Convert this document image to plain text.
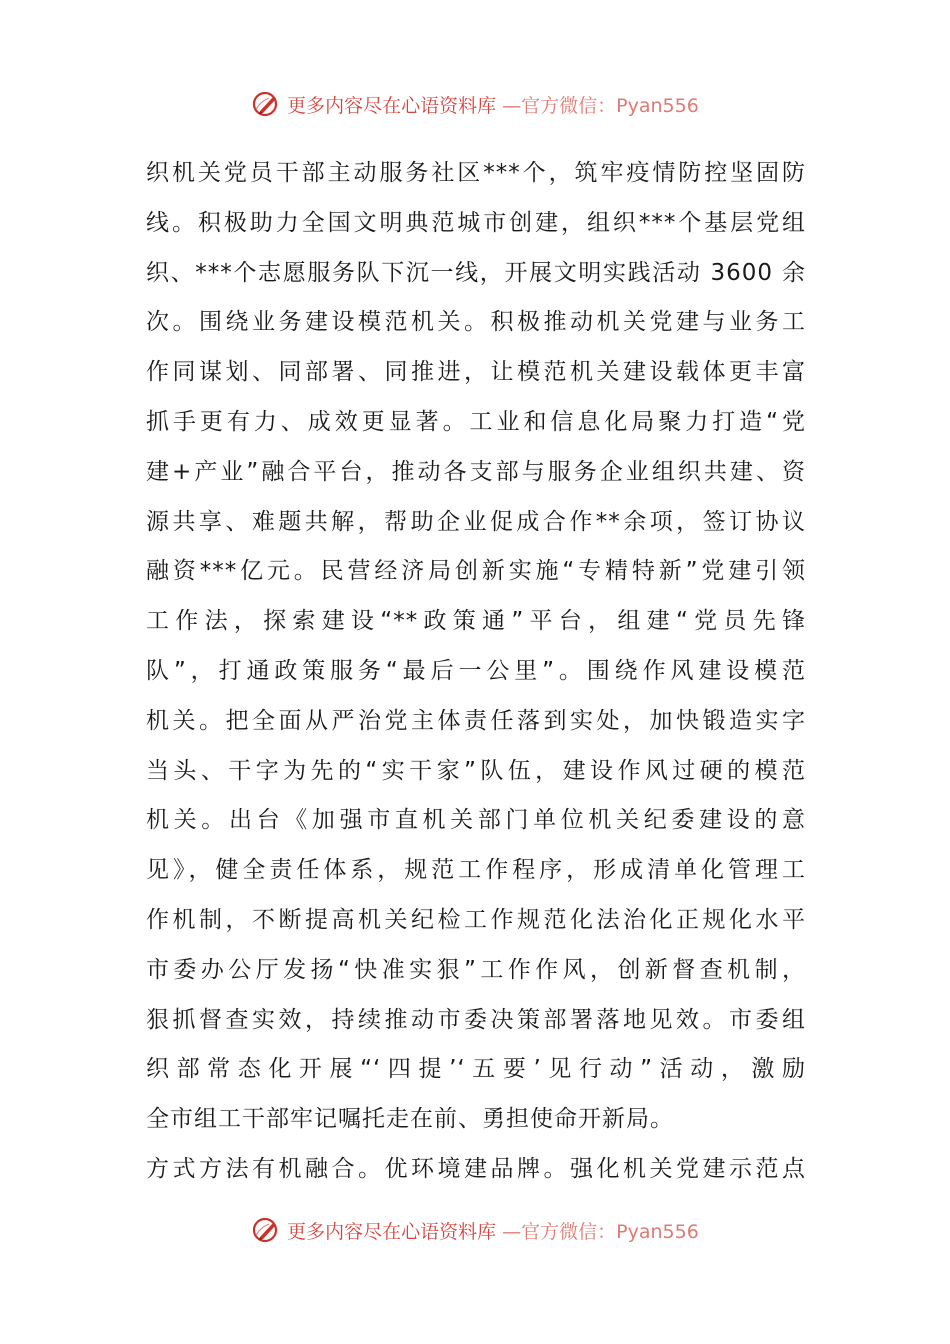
更多内容尽在心语资料库 —官方微信：Pyan556
织机关党员干部主动服务社区***个，筑牢疫情防控坚固防
线。积极助力全国文明典范城市创建，组织***个基层党组
织、***个志愿服务队下沉一线，开展文明实践活动 3600 余
次。围绕业务建设模范机关。积极推动机关党建与业务工
作同谋划、同部署、同推进，让模范机关建设载体更丰富
抓手更有力、成效更显著。工业和信息化局聚力打造“党
建+产业”融合平台，推动各支部与服务企业组织共建、资
源共享、难题共解，帮助企业促成合作**余项，签订协议
融资***亿元。民营经济局创新实施“专精特新”党建引领
工作法，探索建设“**政策通”平台，组建“党员先锋
队”，打通政策服务“最后一公里”。围绕作风建设模范
机关。把全面从严治党主体责任落到实处，加快锻造实字
当头、干字为先的“实干家”队伍，建设作风过硬的模范
机关。出台《加强市直机关部门单位机关纪委建设的意
见》，健全责任体系，规范工作程序，形成清单化管理工
作机制，不断提高机关纪检工作规范化法治化正规化水平
市委办公厅发扬“快准实狠”工作作风，创新督查机制，
狠抓督查实效，持续推动市委决策部署落地见效。市委组
织部常态化开展“‘四提’‘五要’见行动”活动，激励
全市组工干部牢记嘱托走在前、勇担使命开新局。
方式方法有机融合。优环境建品牌。强化机关党建示范点
更多内容尽在心语资料库 —官方微信：Pyan556
